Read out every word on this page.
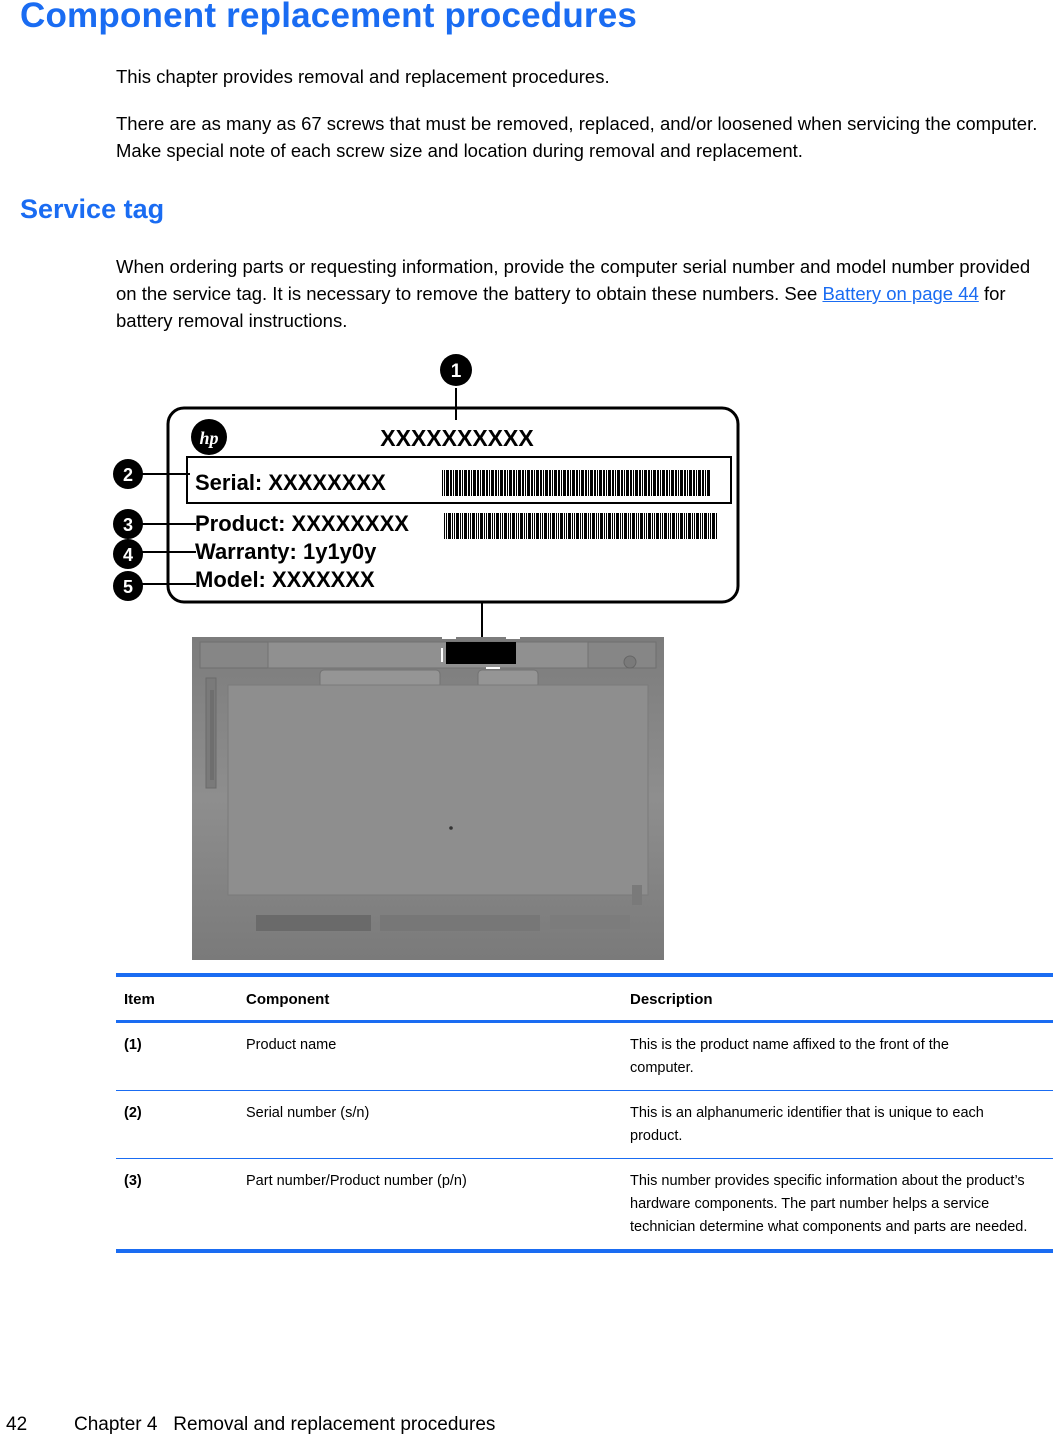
Component replacement procedures

This chapter provides removal and replacement procedures.

There are as many as 67 screws that must be removed, replaced, and/or loosened when servicing the computer. Make special note of each screw size and location during removal and replacement.

Service tag

When ordering parts or requesting information, provide the computer serial number and model number provided on the service tag. It is necessary to remove the battery to obtain these numbers. See Battery on page 44 for battery removal instructions.

hp	XXXXXXXXXX
Serial: XXXXXXXX
Product: XXXXXXXX
Warranty: 1y1y0y
Model: XXXXXXX
1
2
3
4
5
Item	Component	Description
(1)	Product name	This is the product name affixed to the front of the computer.

(2)	Serial number (s/n)	This is an alphanumeric identifier that is unique to each product.

(3)	Part number/Product number (p/n)	This number provides specific information about the product’s hardware components. The part number helps a service technician determine what components and parts are needed.
42 Chapter 4   Removal and replacement procedures
